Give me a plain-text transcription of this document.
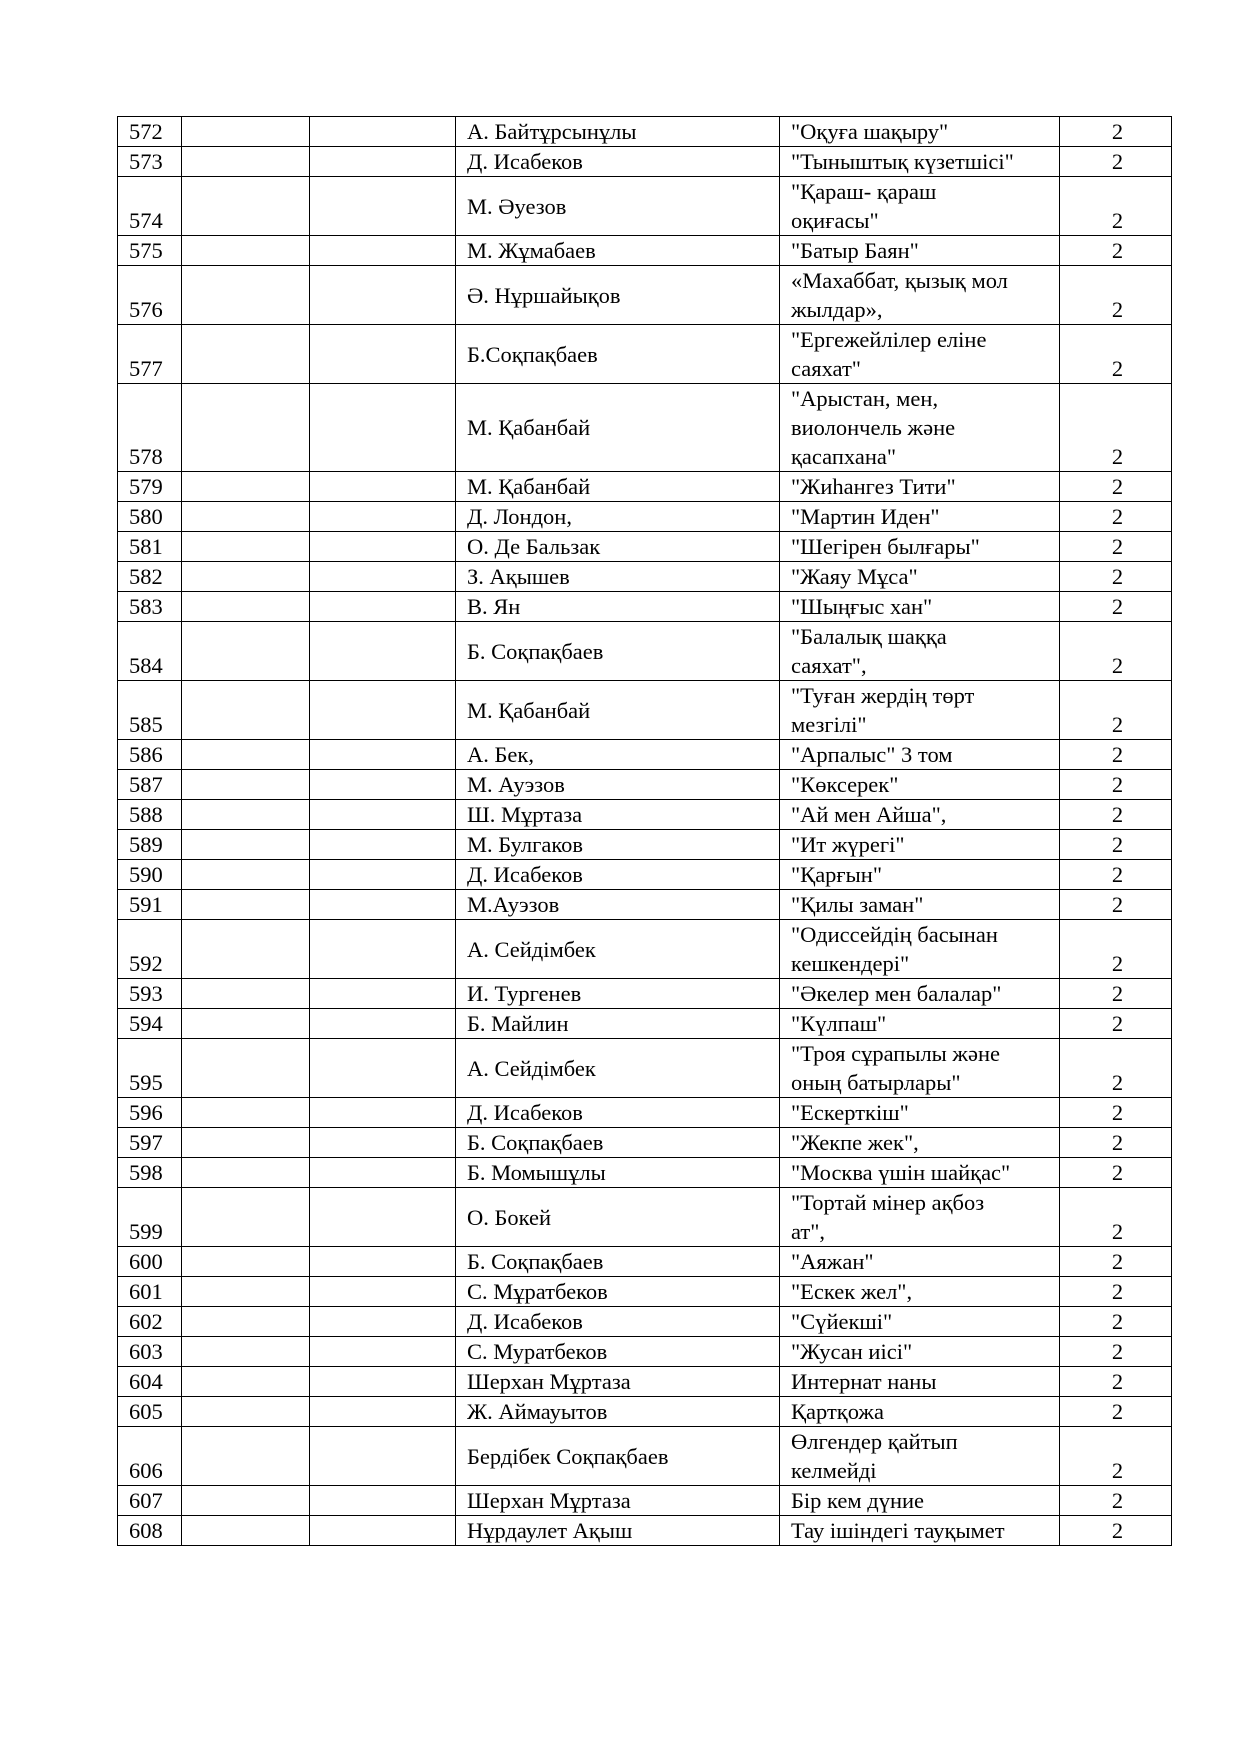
572			А. Байтұрсынұлы	"Оқуға шақыру"	2
573			Д. Исабеков	"Тыныштық күзетшісі"	2
574			М. Әуезов	"Қараш- қараш
оқиғасы"	2
575			М. Жұмабаев	"Батыр Баян"	2
576			Ә. Нұршайықов	«Махаббат, қызық мол
жылдар»,	2
577			Б.Соқпақбаев	"Ергежейлілер еліне
саяхат"	2
578			М. Қабанбай	"Арыстан, мен,
виолончель және
қасапхана"	2
579			М. Қабанбай	"Жиһангез Тити"	2
580			Д. Лондон,	"Мартин Иден"	2
581			О. Де Бальзак	"Шегірен былғары"	2
582			З. Ақышев	"Жаяу Мұса"	2
583			В. Ян	"Шыңғыс хан"	2
584			Б. Соқпақбаев	"Балалық шаққа
саяхат",	2
585			М. Қабанбай	"Туған жердің төрт
мезгілі"	2
586			А. Бек,	"Арпалыс" 3 том	2
587			М. Ауэзов	"Көксерек"	2
588			Ш. Мұртаза	"Ай мен Айша",	2
589			М. Булгаков	"Ит жүрегі"	2
590			Д. Исабеков	"Қарғын"	2
591			М.Ауэзов	"Қилы заман"	2
592			А. Сейдімбек	"Одиссейдің басынан
кешкендері"	2
593			И. Тургенев	"Әкелер мен балалар"	2
594			Б. Майлин	"Күлпаш"	2
595			А. Сейдімбек	"Троя сұрапылы және
оның батырлары"	2
596			Д. Исабеков	"Ескерткіш"	2
597			Б. Соқпақбаев	"Жекпе жек",	2
598			Б. Момышұлы	"Москва үшін шайқас"	2
599			О. Бокей	"Тортай мінер ақбоз
ат",	2
600			Б. Соқпақбаев	"Аяжан"	2
601			С. Мұратбеков	"Ескек жел",	2
602			Д. Исабеков	"Сүйекші"	2
603			С. Муратбеков	"Жусан иісі"	2
604			Шерхан Мұртаза	Интернат наны	2
605			Ж. Аймауытов	Қартқожа	2
606			Бердібек Соқпақбаев	Өлгендер қайтып
келмейді	2
607			Шерхан Мұртаза	Бір кем дүние	2
608			Нұрдаулет Ақыш	Тау ішіндегі тауқымет	2
